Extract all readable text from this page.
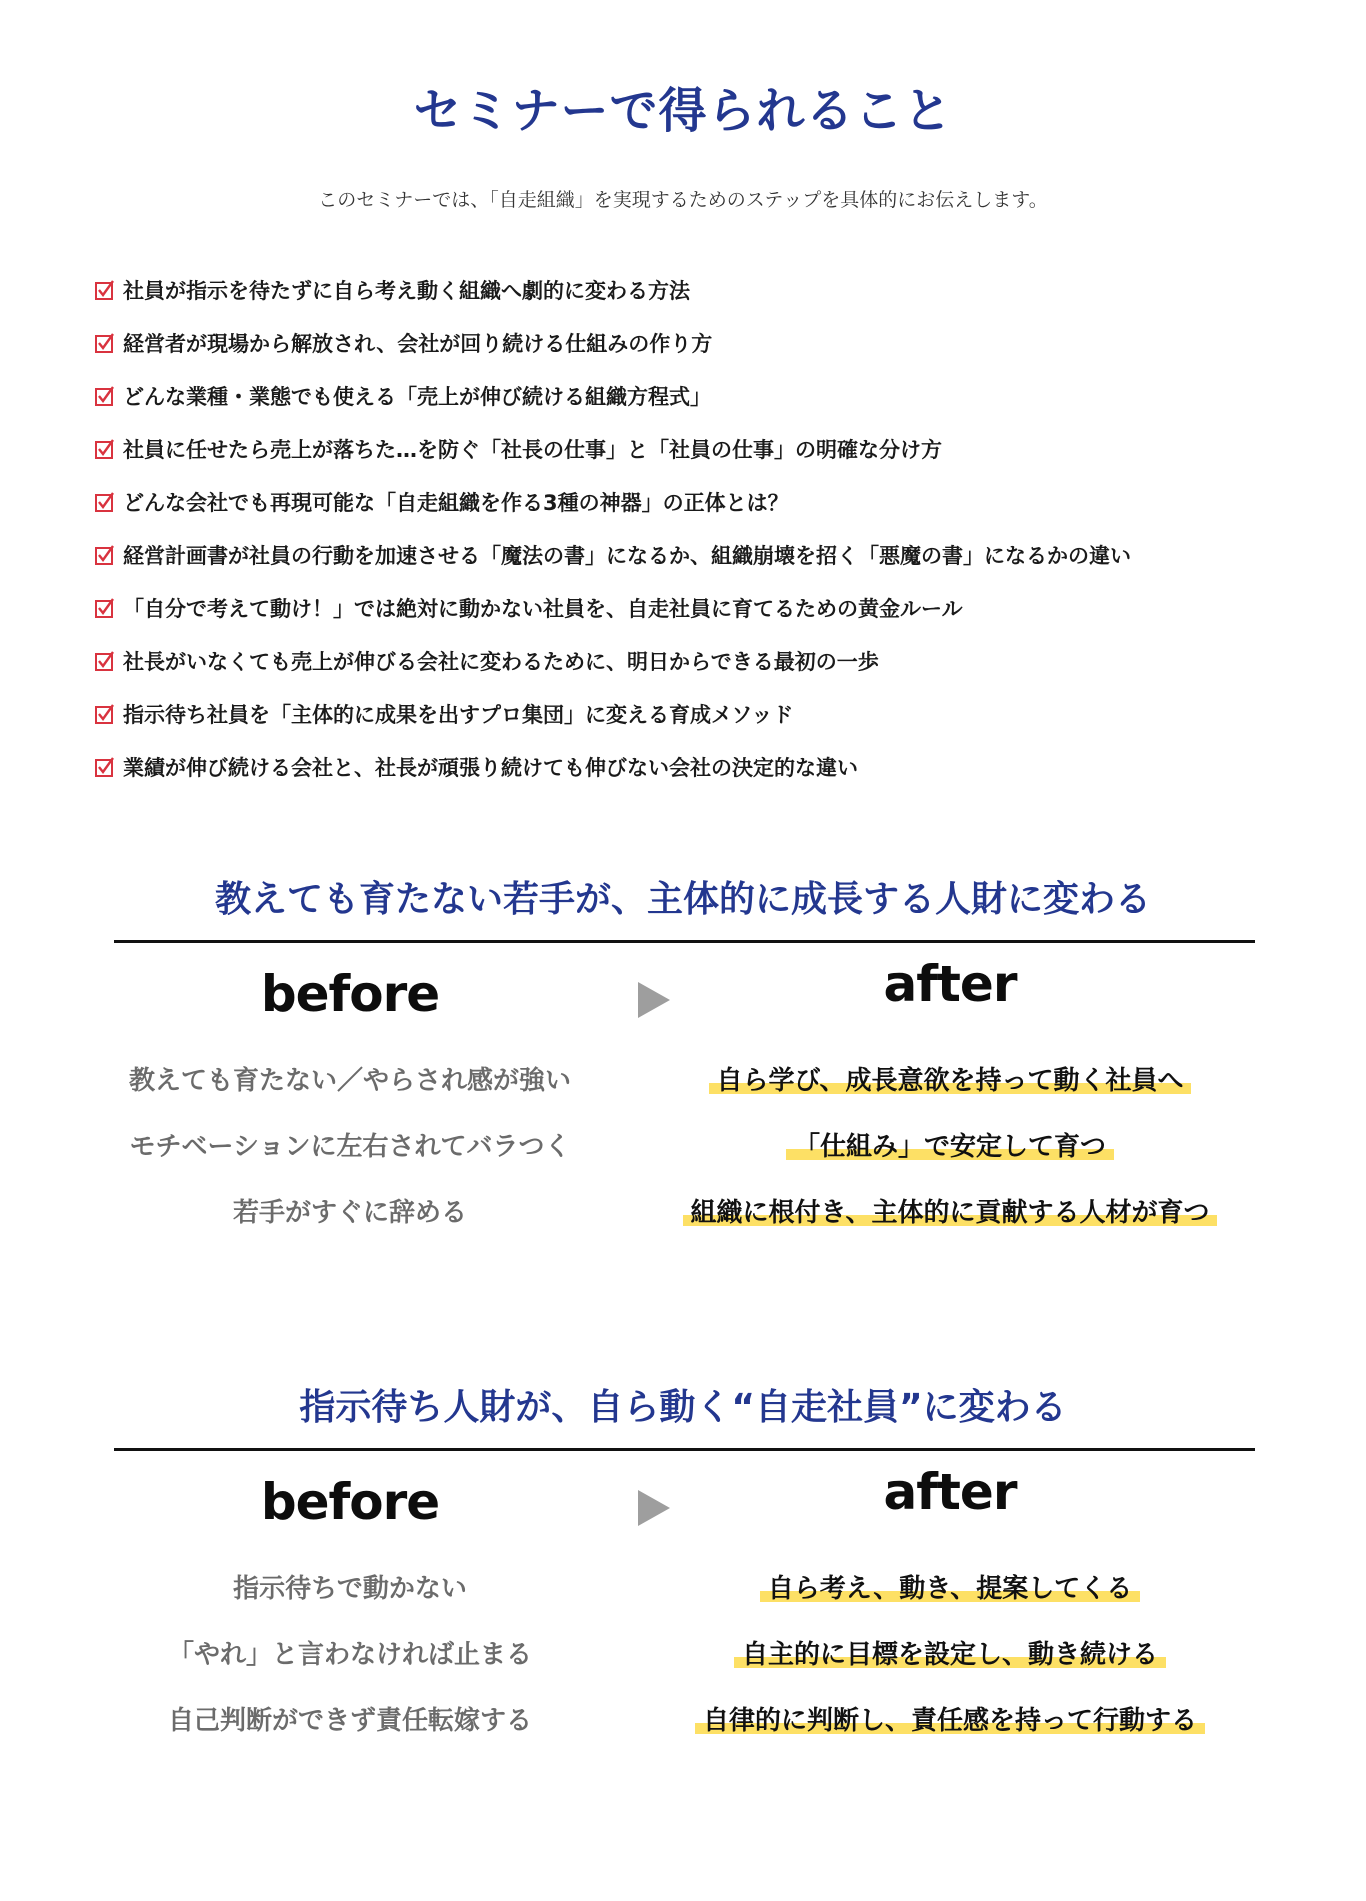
セミナーで得られること

このセミナーでは、「自走組織」を実現するためのステップを具体的にお伝えします。

社員が指示を待たずに自ら考え動く組織へ劇的に変わる方法
経営者が現場から解放され、会社が回り続ける仕組みの作り方
どんな業種・業態でも使える「売上が伸び続ける組織方程式」
社員に任せたら売上が落ちた…を防ぐ「社長の仕事」と「社員の仕事」の明確な分け方
どんな会社でも再現可能な「自走組織を作る3種の神器」の正体とは？
経営計画書が社員の行動を加速させる「魔法の書」になるか、組織崩壊を招く「悪魔の書」になるかの違い
「自分で考えて動け！」では絶対に動かない社員を、自走社員に育てるための黄金ルール
社長がいなくても売上が伸びる会社に変わるために、明日からできる最初の一歩
指示待ち社員を「主体的に成果を出すプロ集団」に変える育成メソッド
業績が伸び続ける会社と、社長が頑張り続けても伸びない会社の決定的な違い
教えても育たない若手が、主体的に成長する人財に変わる
before	after
教えても育たない／やらされ感が強い
モチベーションに左右されてバラつく
若手がすぐに辞める
自ら学び、成長意欲を持って動く社員へ
「仕組み」で安定して育つ
組織に根付き、主体的に貢献する人材が育つ
指示待ち人財が、自ら動く“自走社員”に変わる
before	after
指示待ちで動かない
「やれ」と言わなければ止まる
自己判断ができず責任転嫁する
自ら考え、動き、提案してくる
自主的に目標を設定し、動き続ける
自律的に判断し、責任感を持って行動する
